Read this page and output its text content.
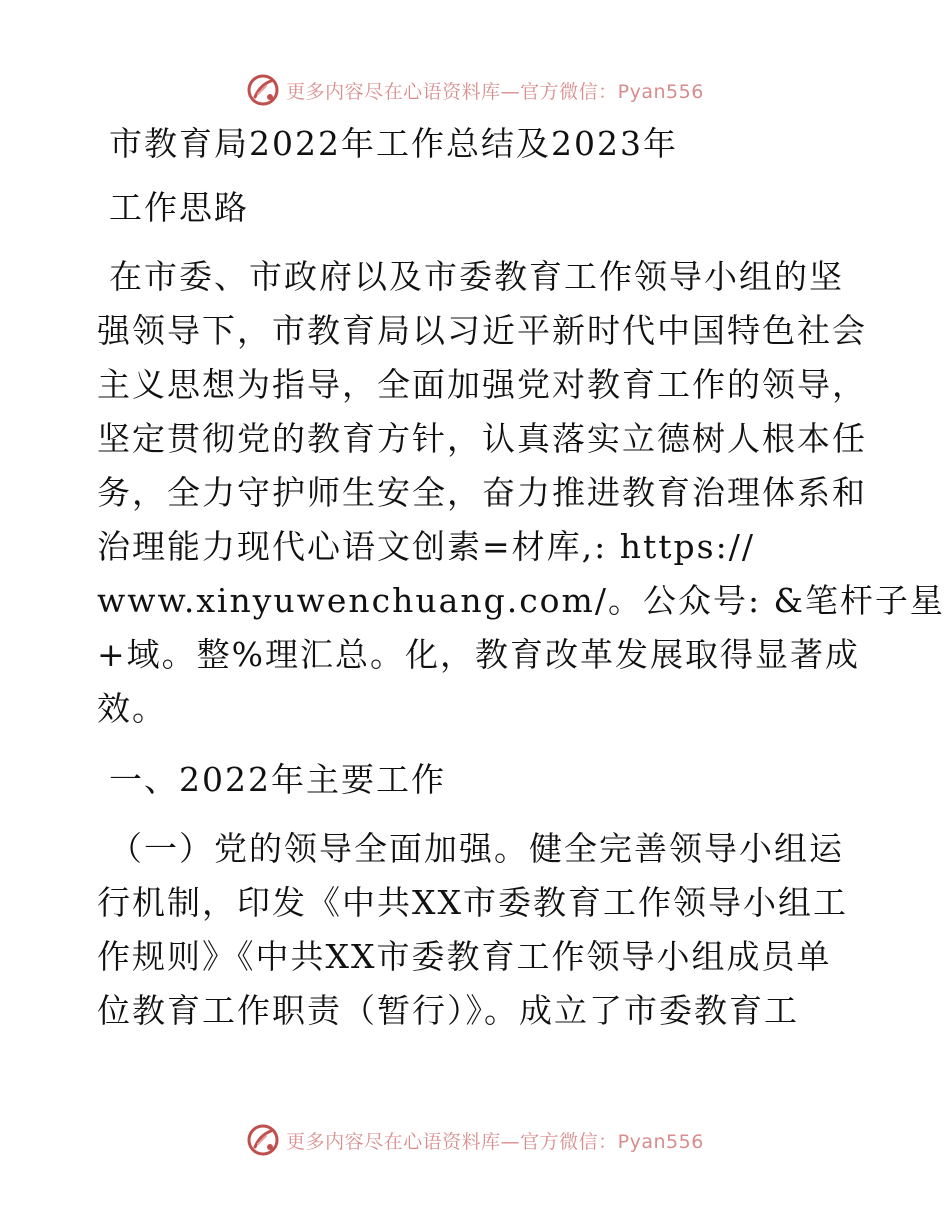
更多内容尽在心语资料库—官方微信：Pyan556
市教育局2022年工作总结及2023年
工作思路
在市委、市政府以及市委教育工作领导小组的坚
强领导下，市教育局以习近平新时代中国特色社会
主义思想为指导，全面加强党对教育工作的领导，
坚定贯彻党的教育方针，认真落实立德树人根本任
务，全力守护师生安全，奋力推进教育治理体系和
治理能力现代心语文创素=材库,: https://
www.xinyuwenchuang.com/。公众号: &笔杆子星
+域。整%理汇总。化，教育改革发展取得显著成
效。
一、2022年主要工作
（一）党的领导全面加强。健全完善领导小组运
行机制，印发《中共XX市委教育工作领导小组工
作规则》《中共XX市委教育工作领导小组成员单
位教育工作职责（暂行）》。成立了市委教育工
更多内容尽在心语资料库—官方微信：Pyan556
